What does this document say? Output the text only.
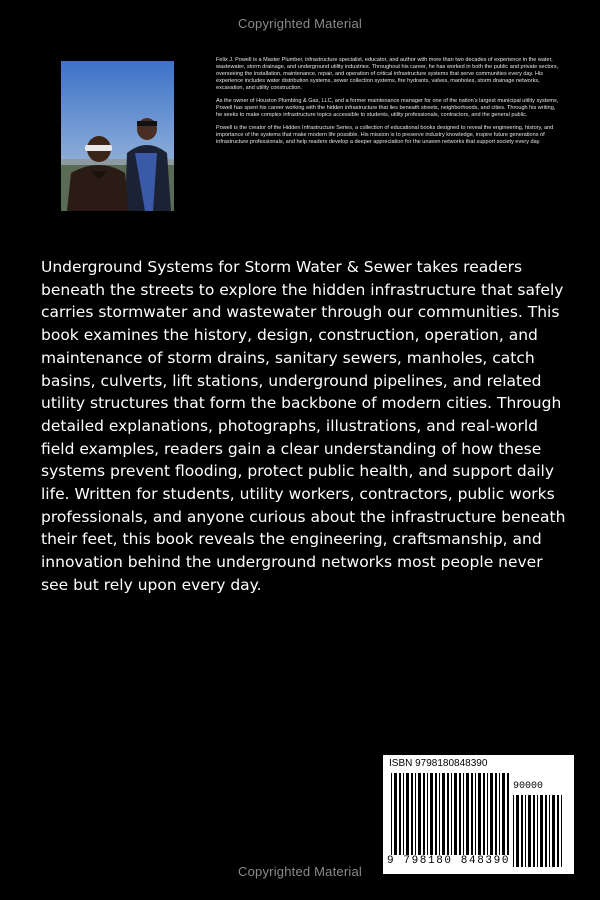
Copyrighted Material

Felix J. Powell is a Master Plumber, infrastructure specialist, educator, and author with more than two decades of experience in the water, wastewater, storm drainage, and underground utility industries. Throughout his career, he has worked in both the public and private sectors, overseeing the installation, maintenance, repair, and operation of critical infrastructure systems that serve communities every day. His experience includes water distribution systems, sewer collection systems, fire hydrants, valves, manholes, storm drainage networks, excavation, and utility construction.

As the owner of Houston Plumbing & Gas, LLC, and a former maintenance manager for one of the nation's largest municipal utility systems, Powell has spent his career working with the hidden infrastructure that lies beneath streets, neighborhoods, and cities. Through his writing, he seeks to make complex infrastructure topics accessible to students, utility professionals, contractors, and the general public.

Powell is the creator of the Hidden Infrastructure Series, a collection of educational books designed to reveal the engineering, history, and importance of the systems that make modern life possible. His mission is to preserve industry knowledge, inspire future generations of infrastructure professionals, and help readers develop a deeper appreciation for the unseen networks that support society every day.

Underground Systems for Storm Water & Sewer takes readers beneath the streets to explore the hidden infrastructure that safely carries stormwater and wastewater through our communities. This book examines the history, design, construction, operation, and maintenance of storm drains, sanitary sewers, manholes, catch basins, culverts, lift stations, underground pipelines, and related utility structures that form the backbone of modern cities. Through detailed explanations, photographs, illustrations, and real-world field examples, readers gain a clear understanding of how these systems prevent flooding, protect public health, and support daily life. Written for students, utility workers, contractors, public works professionals, and anyone curious about the infrastructure beneath their feet, this book reveals the engineering, craftsmanship, and innovation behind the underground networks most people never see but rely upon every day.

ISBN 9798180848390
90000
9 798180 848390
Copyrighted Material
